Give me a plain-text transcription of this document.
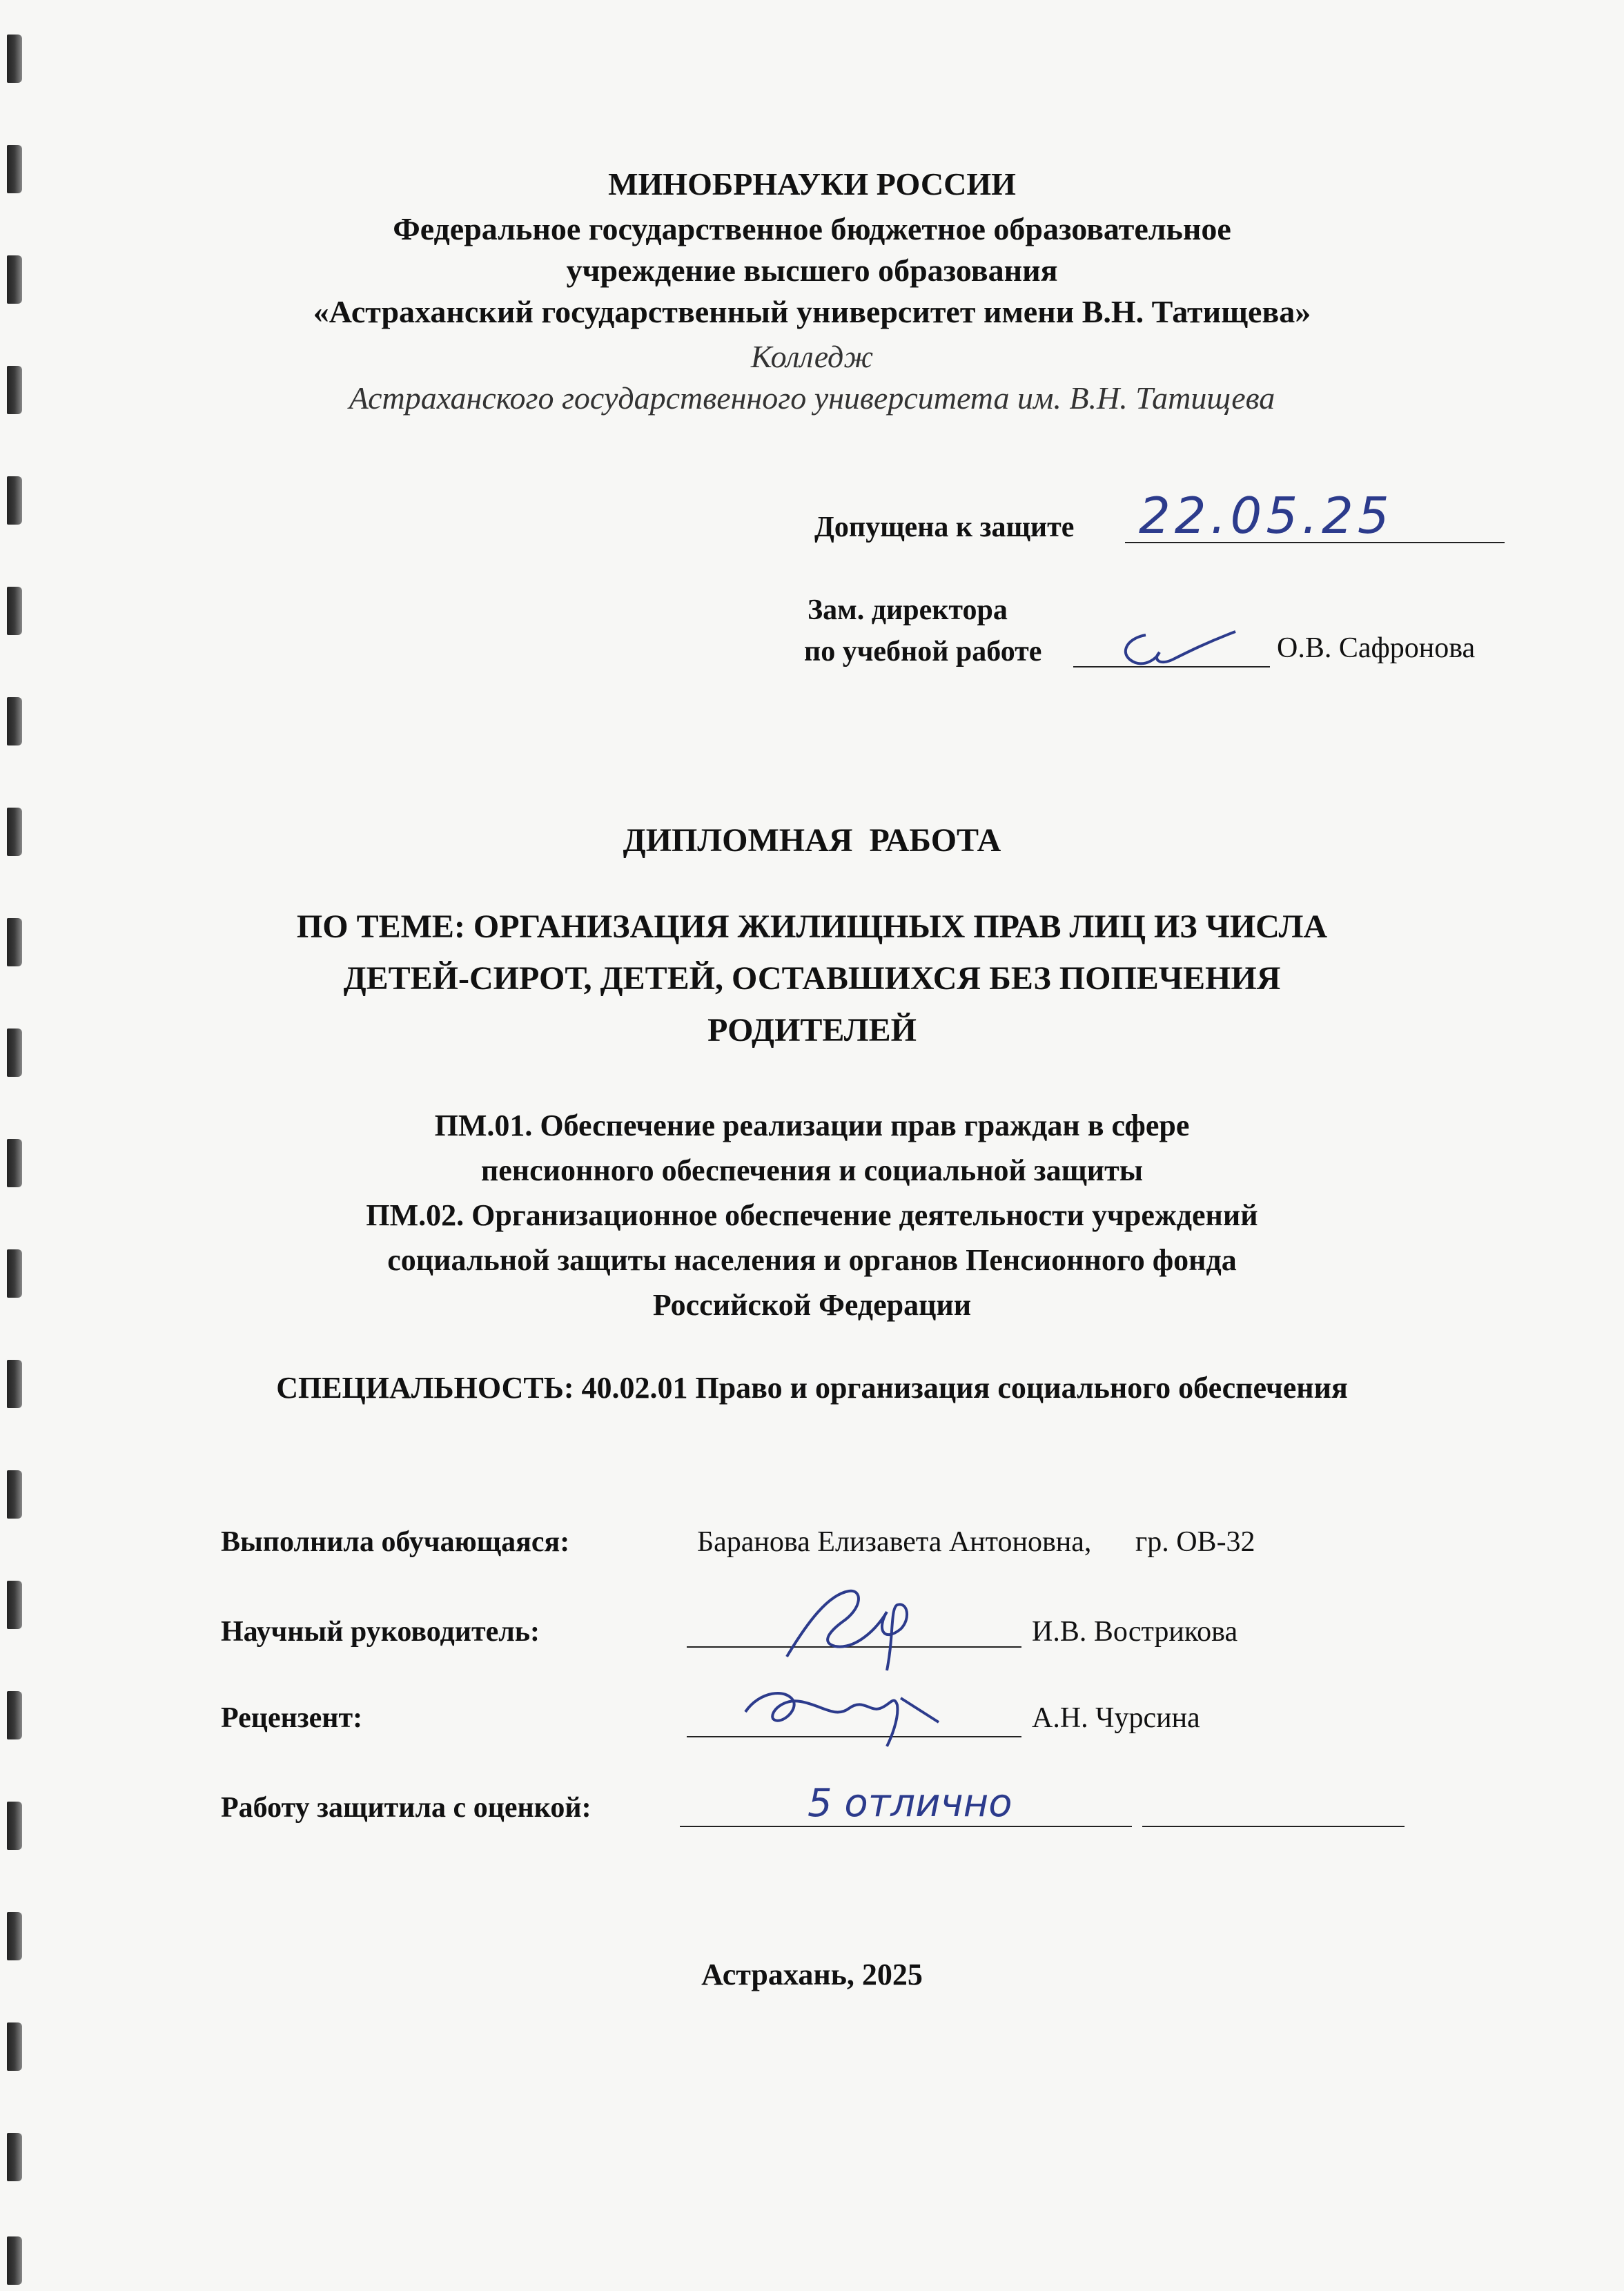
МИНОБРНАУКИ РОССИИ
Федеральное государственное бюджетное образовательное
учреждение высшего образования
«Астраханский государственный университет имени В.Н. Татищева»
Колледж
Астраханского государственного университета им. В.Н. Татищева
Допущена к защите 22.05.25
Зам. директора
по учебной работе	О.В. Сафронова
ДИПЛОМНАЯ  РАБОТА
ПО ТЕМЕ: ОРГАНИЗАЦИЯ ЖИЛИЩНЫХ ПРАВ ЛИЦ ИЗ ЧИСЛА
ДЕТЕЙ-СИРОТ, ДЕТЕЙ, ОСТАВШИХСЯ БЕЗ ПОПЕЧЕНИЯ
РОДИТЕЛЕЙ
ПМ.01. Обеспечение реализации прав граждан в сфере
пенсионного обеспечения и социальной защиты
ПМ.02. Организационное обеспечение деятельности учреждений
социальной защиты населения и органов Пенсионного фонда
Российской Федерации
СПЕЦИАЛЬНОСТЬ: 40.02.01 Право и организация социального обеспечения
Выполнила обучающаяся:	Баранова Елизавета Антоновна, гр. ОВ-32
Научный руководитель:	И.В. Вострикова
Рецензент:	А.Н. Чурсина
Работу защитила с оценкой:	5 отлично
Астрахань, 2025
